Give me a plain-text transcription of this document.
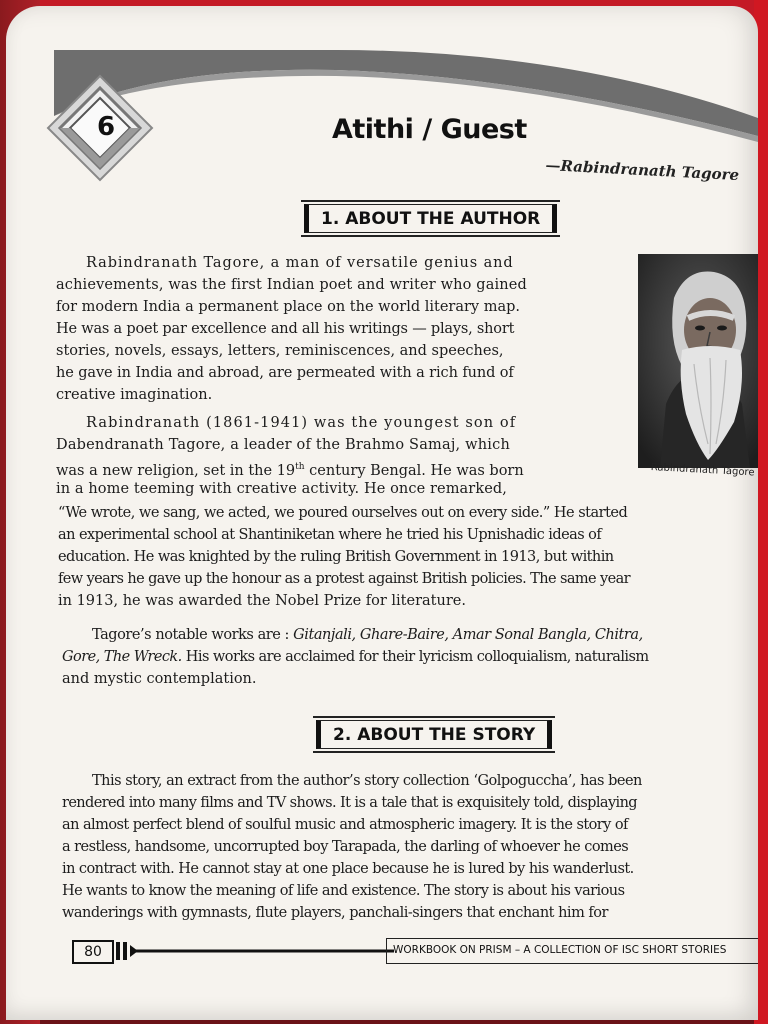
6	Atithi / Guest
—Rabindranath Tagore
1. ABOUT THE AUTHOR
Rabindranath Tagore, a man of versatile genius and
achievements, was the first Indian poet and writer who gained
for modern India a permanent place on the world literary map.
He was a poet par excellence and all his writings — plays, short
stories, novels, essays, letters, reminiscences, and speeches,
he gave in India and abroad, are permeated with a rich fund of
creative imagination.
Rabindranath (1861-1941) was the youngest son of
Dabendranath Tagore, a leader of the Brahmo Samaj, which
was a new religion, set in the 19th century Bengal. He was born
in a home teeming with creative activity. He once remarked,
“We wrote, we sang, we acted, we poured ourselves out on every side.” He started
an experimental school at Shantiniketan where he tried his Upnishadic ideas of
education. He was knighted by the ruling British Government in 1913, but within
few years he gave up the honour as a protest against British policies. The same year
in 1913, he was awarded the Nobel Prize for literature.
Tagore’s notable works are : Gitanjali, Ghare-Baire, Amar Sonal Bangla, Chitra,
Gore, The Wreck. His works are acclaimed for their lyricism colloquialism, naturalism
and mystic contemplation.
Rabindranath Tagore
2. ABOUT THE STORY
This story, an extract from the author’s story collection ‘Golpoguccha’, has been
rendered into many films and TV shows. It is a tale that is exquisitely told, displaying
an almost perfect blend of soulful music and atmospheric imagery. It is the story of
a restless, handsome, uncorrupted boy Tarapada, the darling of whoever he comes
in contract with. He cannot stay at one place because he is lured by his wanderlust.
He wants to know the meaning of life and existence. The story is about his various
wanderings with gymnasts, flute players, panchali-singers that enchant him for
80	WORKBOOK ON PRISM – A COLLECTION OF ISC SHORT STORIES
